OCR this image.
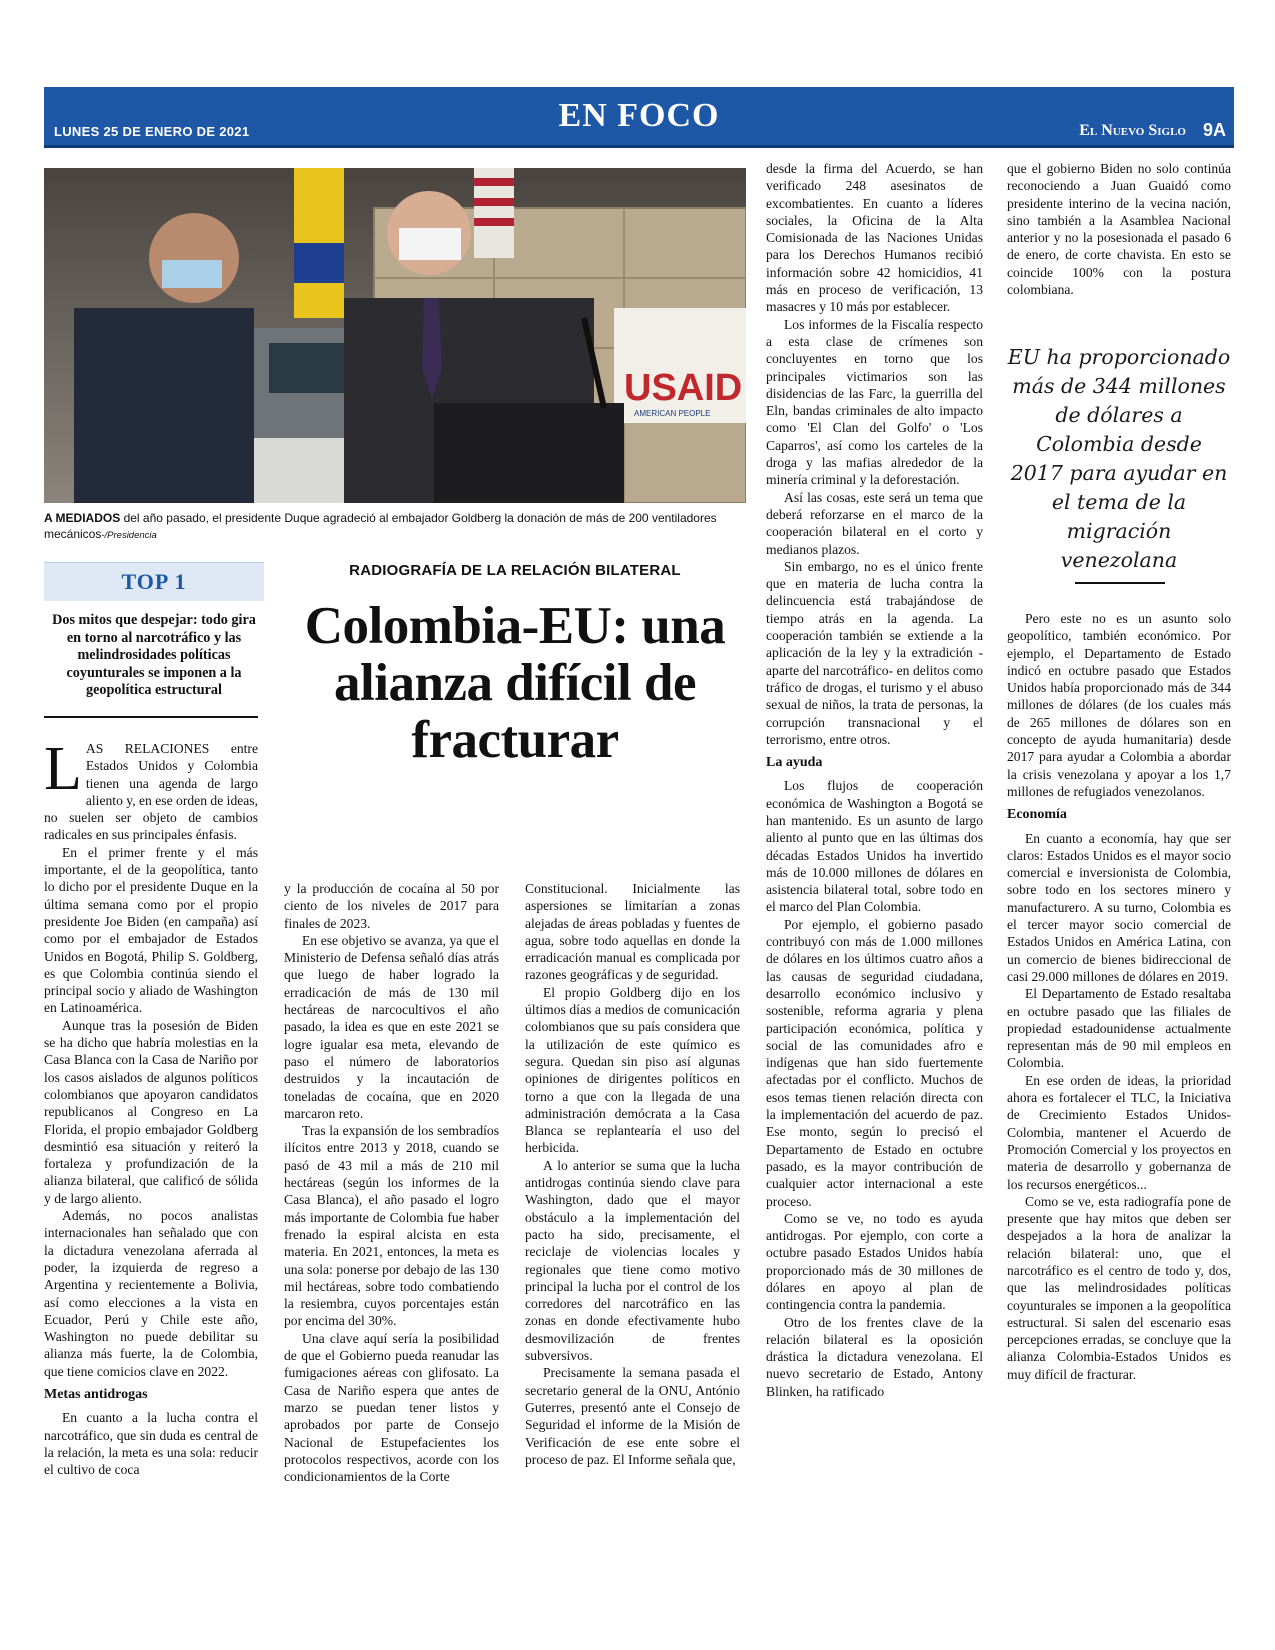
LUNES 25 DE ENERO DE 2021	EN FOCO	El Nuevo Siglo 9A
USAID
AMERICAN PEOPLE
A MEDIADOS del año pasado, el presidente Duque agradeció al embajador Goldberg la donación de más de 200 ventiladores mecánicos-/Presidencia
TOP 1
Dos mitos que despejar: todo gira en torno al narcotráfico y las melindrosidades políticas coyunturales se imponen a la geopolítica estructural
RADIOGRAFÍA DE LA RELACIÓN BILATERAL
Colombia-EU: una alianza difícil de fracturar

LAS RELACIONES entre Estados Unidos y Colombia tienen una agenda de largo aliento y, en ese orden de ideas, no suelen ser objeto de cambios radicales en sus principales énfasis.

En el primer frente y el más importante, el de la geopolítica, tanto lo dicho por el presidente Duque en la última semana como por el propio presidente Joe Biden (en campaña) así como por el embajador de Estados Unidos en Bogotá, Philip S. Goldberg, es que Colombia continúa siendo el principal socio y aliado de Washington en Latinoamérica.

Aunque tras la posesión de Biden se ha dicho que habría molestias en la Casa Blanca con la Casa de Nariño por los casos aislados de algunos políticos colombianos que apoyaron candidatos republicanos al Congreso en La Florida, el propio embajador Goldberg desmintió esa situación y reiteró la fortaleza y profundización de la alianza bilateral, que calificó de sólida y de largo aliento.

Además, no pocos analistas internacionales han señalado que con la dictadura venezolana aferrada al poder, la izquierda de regreso a Argentina y recientemente a Bolivia, así como elecciones a la vista en Ecuador, Perú y Chile este año, Washington no puede debilitar su alianza más fuerte, la de Colombia, que tiene comicios clave en 2022.

Metas antidrogas

En cuanto a la lucha contra el narcotráfico, que sin duda es central de la relación, la meta es una sola: reducir el cultivo de coca

y la producción de cocaína al 50 por ciento de los niveles de 2017 para finales de 2023.

En ese objetivo se avanza, ya que el Ministerio de Defensa señaló días atrás que luego de haber logrado la erradicación de más de 130 mil hectáreas de narcocultivos el año pasado, la idea es que en este 2021 se logre igualar esa meta, elevando de paso el número de laboratorios destruidos y la incautación de toneladas de cocaína, que en 2020 marcaron reto.

Tras la expansión de los sembradíos ilícitos entre 2013 y 2018, cuando se pasó de 43 mil a más de 210 mil hectáreas (según los informes de la Casa Blanca), el año pasado el logro más importante de Colombia fue haber frenado la espiral alcista en esta materia. En 2021, entonces, la meta es una sola: ponerse por debajo de las 130 mil hectáreas, sobre todo combatiendo la resiembra, cuyos porcentajes están por encima del 30%.

Una clave aquí sería la posibilidad de que el Gobierno pueda reanudar las fumigaciones aéreas con glifosato. La Casa de Nariño espera que antes de marzo se puedan tener listos y aprobados por parte de Consejo Nacional de Estupefacientes los protocolos respectivos, acorde con los condicionamientos de la Corte

Constitucional. Inicialmente las aspersiones se limitarían a zonas alejadas de áreas pobladas y fuentes de agua, sobre todo aquellas en donde la erradicación manual es complicada por razones geográficas y de seguridad.

El propio Goldberg dijo en los últimos días a medios de comunicación colombianos que su país considera que la utilización de este químico es segura. Quedan sin piso así algunas opiniones de dirigentes políticos en torno a que con la llegada de una administración demócrata a la Casa Blanca se replantearía el uso del herbicida.

A lo anterior se suma que la lucha antidrogas continúa siendo clave para Washington, dado que el mayor obstáculo a la implementación del pacto ha sido, precisamente, el reciclaje de violencias locales y regionales que tiene como motivo principal la lucha por el control de los corredores del narcotráfico en las zonas en donde efectivamente hubo desmovilización de frentes subversivos.

Precisamente la semana pasada el secretario general de la ONU, António Guterres, presentó ante el Consejo de Seguridad el informe de la Misión de Verificación de ese ente sobre el proceso de paz. El Informe señala que,

desde la firma del Acuerdo, se han verificado 248 asesinatos de excombatientes. En cuanto a líderes sociales, la Oficina de la Alta Comisionada de las Naciones Unidas para los Derechos Humanos recibió información sobre 42 homicidios, 41 más en proceso de verificación, 13 masacres y 10 más por establecer.

Los informes de la Fiscalía respecto a esta clase de crímenes son concluyentes en torno que los principales victimarios son las disidencias de las Farc, la guerrilla del Eln, bandas criminales de alto impacto como 'El Clan del Golfo' o 'Los Caparros', así como los carteles de la droga y las mafias alrededor de la minería criminal y la deforestación.

Así las cosas, este será un tema que deberá reforzarse en el marco de la cooperación bilateral en el corto y medianos plazos.

Sin embargo, no es el único frente que en materia de lucha contra la delincuencia está trabajándose de tiempo atrás en la agenda. La cooperación también se extiende a la aplicación de la ley y la extradición -aparte del narcotráfico- en delitos como tráfico de drogas, el turismo y el abuso sexual de niños, la trata de personas, la corrupción transnacional y el terrorismo, entre otros.

La ayuda

Los flujos de cooperación económica de Washington a Bogotá se han mantenido. Es un asunto de largo aliento al punto que en las últimas dos décadas Estados Unidos ha invertido más de 10.000 millones de dólares en asistencia bilateral total, sobre todo en el marco del Plan Colombia.

Por ejemplo, el gobierno pasado contribuyó con más de 1.000 millones de dólares en los últimos cuatro años a las causas de seguridad ciudadana, desarrollo económico inclusivo y sostenible, reforma agraria y plena participación económica, política y social de las comunidades afro e indígenas que han sido fuertemente afectadas por el conflicto. Muchos de esos temas tienen relación directa con la implementación del acuerdo de paz. Ese monto, según lo precisó el Departamento de Estado en octubre pasado, es la mayor contribución de cualquier actor internacional a este proceso.

Como se ve, no todo es ayuda antidrogas. Por ejemplo, con corte a octubre pasado Estados Unidos había proporcionado más de 30 millones de dólares en apoyo al plan de contingencia contra la pandemia.

Otro de los frentes clave de la relación bilateral es la oposición drástica la dictadura venezolana. El nuevo secretario de Estado, Antony Blinken, ha ratificado

que el gobierno Biden no solo continúa reconociendo a Juan Guaidó como presidente interino de la vecina nación, sino también a la Asamblea Nacional anterior y no la posesionada el pasado 6 de enero, de corte chavista. En esto se coincide 100% con la postura colombiana.

EU ha proporcionado más de 344 millones de dólares a Colombia desde 2017 para ayudar en el tema de la migración venezolana

Pero este no es un asunto solo geopolítico, también económico. Por ejemplo, el Departamento de Estado indicó en octubre pasado que Estados Unidos había proporcionado más de 344 millones de dólares (de los cuales más de 265 millones de dólares son en concepto de ayuda humanitaria) desde 2017 para ayudar a Colombia a abordar la crisis venezolana y apoyar a los 1,7 millones de refugiados venezolanos.

Economía

En cuanto a economía, hay que ser claros: Estados Unidos es el mayor socio comercial e inversionista de Colombia, sobre todo en los sectores minero y manufacturero. A su turno, Colombia es el tercer mayor socio comercial de Estados Unidos en América Latina, con un comercio de bienes bidireccional de casi 29.000 millones de dólares en 2019.

El Departamento de Estado resaltaba en octubre pasado que las filiales de propiedad estadounidense actualmente representan más de 90 mil empleos en Colombia.

En ese orden de ideas, la prioridad ahora es fortalecer el TLC, la Iniciativa de Crecimiento Estados Unidos-Colombia, mantener el Acuerdo de Promoción Comercial y los proyectos en materia de desarrollo y gobernanza de los recursos energéticos...

Como se ve, esta radiografía pone de presente que hay mitos que deben ser despejados a la hora de analizar la relación bilateral: uno, que el narcotráfico es el centro de todo y, dos, que las melindrosidades políticas coyunturales se imponen a la geopolítica estructural. Si salen del escenario esas percepciones erradas, se concluye que la alianza Colombia-Estados Unidos es muy difícil de fracturar.
